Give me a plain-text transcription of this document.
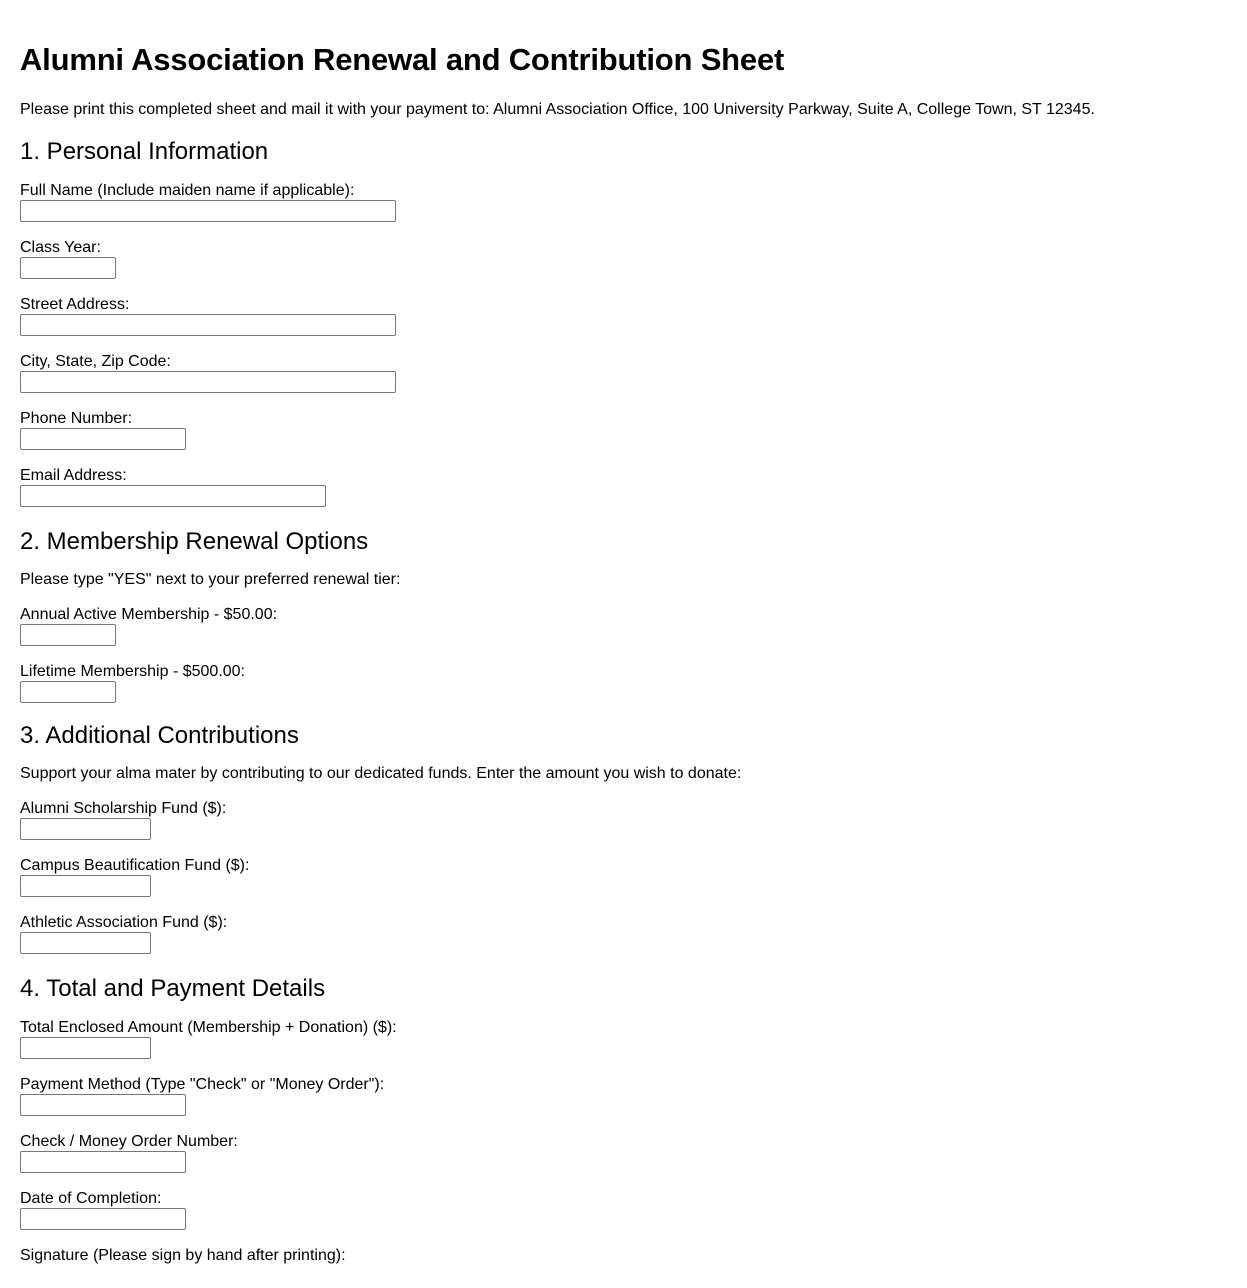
Alumni Association Renewal and Contribution Sheet

Please print this completed sheet and mail it with your payment to: Alumni Association Office, 100 University Parkway, Suite A, College Town, ST 12345.

1. Personal Information
Full Name (Include maiden name if applicable):
Class Year:
Street Address:
City, State, Zip Code:
Phone Number:
Email Address:
2. Membership Renewal Options

Please type "YES" next to your preferred renewal tier:

Annual Active Membership - $50.00:
Lifetime Membership - $500.00:
3. Additional Contributions

Support your alma mater by contributing to our dedicated funds. Enter the amount you wish to donate:

Alumni Scholarship Fund ($):
Campus Beautification Fund ($):
Athletic Association Fund ($):
4. Total and Payment Details
Total Enclosed Amount (Membership + Donation) ($):
Payment Method (Type "Check" or "Money Order"):
Check / Money Order Number:
Date of Completion:
Signature (Please sign by hand after printing):
